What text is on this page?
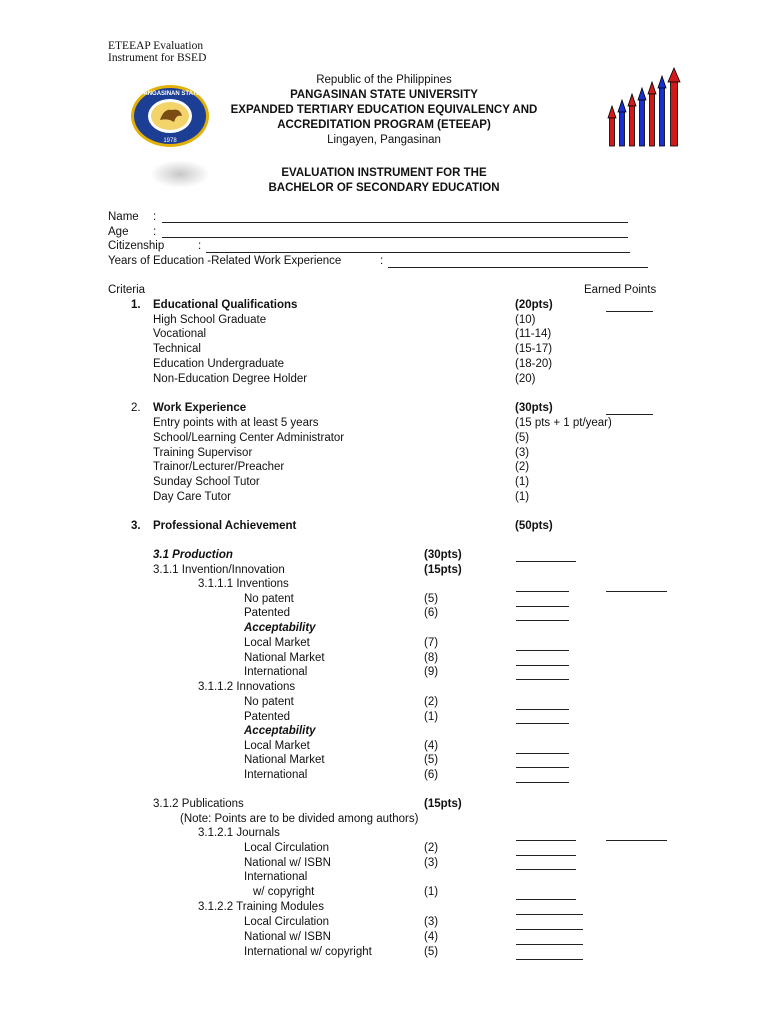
ETEEAP Evaluation
Instrument for BSED
PANGASINAN STATE
1978
Republic of the Philippines
PANGASINAN STATE UNIVERSITY
EXPANDED TERTIARY EDUCATION EQUIVALENCY AND
ACCREDITATION PROGRAM (ETEEAP)
Lingayen, Pangasinan
EVALUATION INSTRUMENT FOR THE
BACHELOR OF SECONDARY EDUCATION
Name :
Age :
Citizenship	:
Years of Education -Related Work Experience	:
Criteria	Earned Points
1. Educational Qualifications	(20pts)
High School Graduate	(10)
Vocational	(11-14)
Technical	(15-17)
Education Undergraduate	(18-20)
Non-Education Degree Holder	(20)
2. Work Experience	(30pts)
Entry points with at least 5 years	(15 pts + 1 pt/year)
School/Learning Center Administrator	(5)
Training Supervisor	(3)
Trainor/Lecturer/Preacher	(2)
Sunday School Tutor	(1)
Day Care Tutor	(1)
3. Professional Achievement	(50pts)
3.1 Production	(30pts)
3.1.1 Invention/Innovation	(15pts)
3.1.1.1 Inventions
No patent	(5)
Patented	(6)
Acceptability
Local Market	(7)
National Market	(8)
International	(9)
3.1.1.2 Innovations
No patent	(2)
Patented	(1)
Acceptability
Local Market	(4)
National Market	(5)
International	(6)
3.1.2 Publications	(15pts)
(Note: Points are to be divided among authors)
3.1.2.1 Journals
Local Circulation	(2)
National w/ ISBN	(3)
International
w/ copyright	(1)
3.1.2.2 Training Modules
Local Circulation	(3)
National w/ ISBN	(4)
International w/ copyright	(5)
